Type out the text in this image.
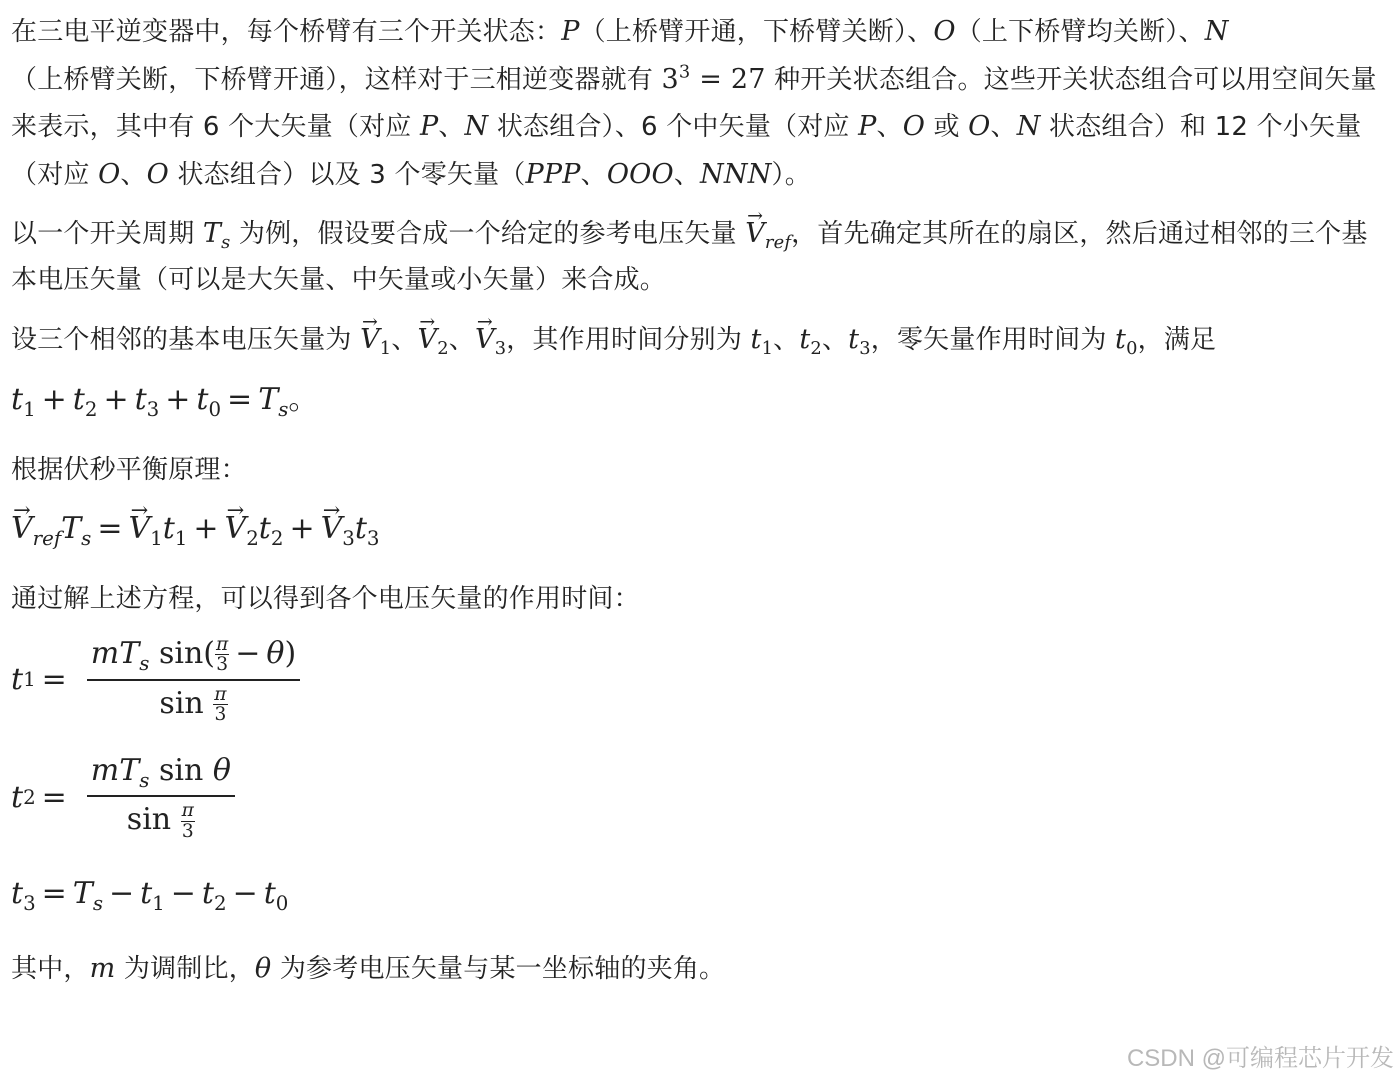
在三电平逆变器中，每个桥臂有三个开关状态：P（上桥臂开通，下桥臂关断）、O（上下桥臂均关断）、N
（上桥臂关断，下桥臂开通），这样对于三相逆变器就有 $3^3 = 27$ 种开关状态组合。这些开关状态组合可以用空间矢量来表示，其中有 6 个大矢量（对应 P、N 状态组合）、6 个中矢量（对应 P、O 或 O、N 状态组合）和 12 个小矢量（对应 O、O 状态组合）以及 3 个零矢量（PPP、OOO、NNN）。

以一个开关周期 $T_s$ 为例，假设要合成一个给定的参考电压矢量 → $V_{ref}$，首先确定其所在的扇区，然后通过相邻的三个基本电压矢量（可以是大矢量、中矢量或小矢量）来合成。

设三个相邻的基本电压矢量为 → $V_1$、→ $V_2$、→ $V_3$，其作用时间分别为 $t_1$、$t_2$、$t_3$，零矢量作用时间为 $t_0$，满足

$t_1 + t_2 + t_3 + t_0 = T_s$。

根据伏秒平衡原理：

→ $V_{ref}T_s =\to V_1t_1 +\to V_2t_2 +\to V_3t_3$

通过解上述方程，可以得到各个电压矢量的作用时间：

t $1 = \frac{mT_s \sin( \frac{\pi}{3} - \theta)}{\sin \frac{\pi}{3}}$
t $2 = \frac{mT_s \sin \theta}{\sin \frac{\pi}{3}}$
$t_3 = T_s - t_1 - t_2 - t_0$

其中，m 为调制比，θ 为参考电压矢量与某一坐标轴的夹角。

CSDN @可编程芯片开发
